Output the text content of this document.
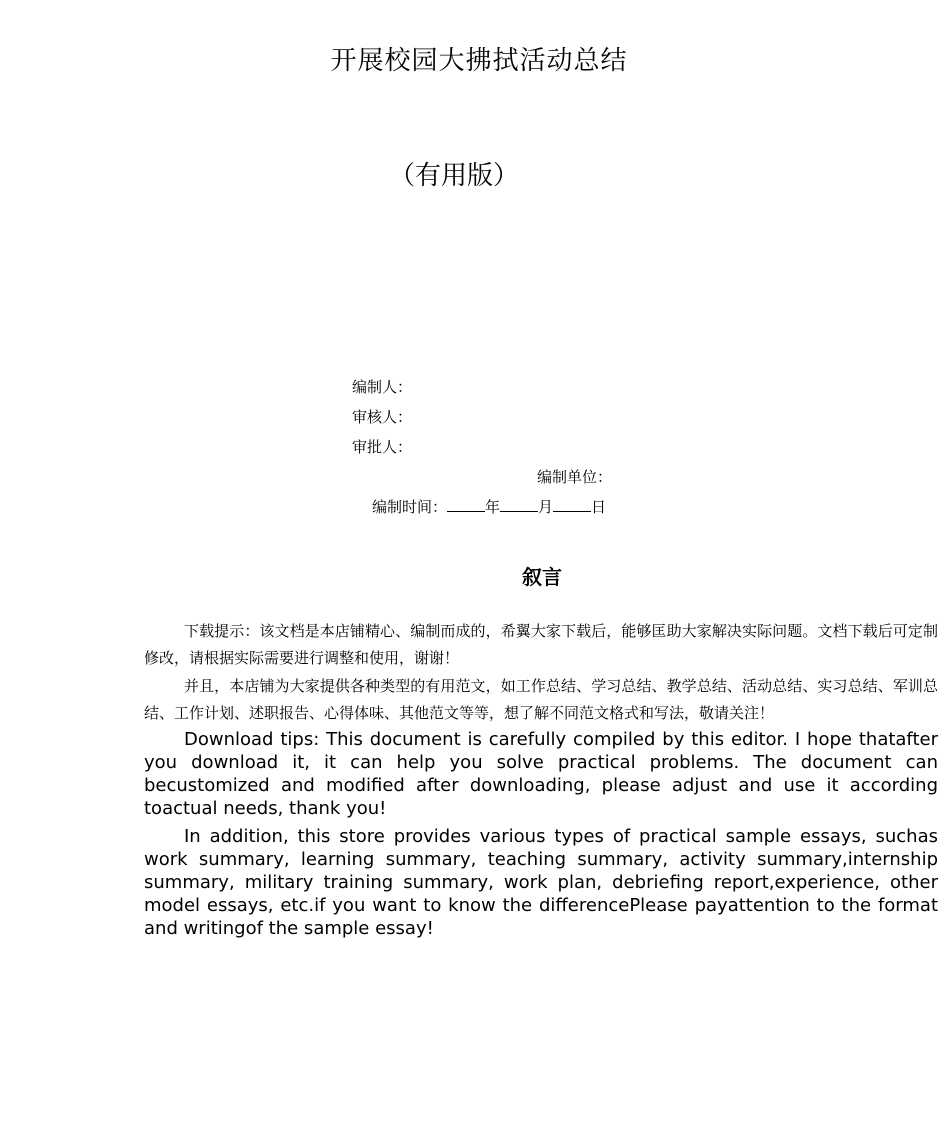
开展校园大拂拭活动总结
（有用版）
编制人：
审核人：
审批人：
编制单位：
编制时间：	年	月	日
叙言

下载提示：该文档是本店铺精心、编制而成的，希翼大家下载后，能够匡助大家解决实际问题。文档下载后可定制修改，请根据实际需要进行调整和使用，谢谢！

并且，本店铺为大家提供各种类型的有用范文，如工作总结、学习总结、教学总结、活动总结、实习总结、军训总结、工作计划、述职报告、心得体味、其他范文等等，想了解不同范文格式和写法，敬请关注！

Download tips: This document is carefully compiled by this editor. I hope thatafter you download it, it can help you solve practical problems. The document can becustomized and modified after downloading, please adjust and use it according toactual needs, thank you!

In addition, this store provides various types of practical sample essays, suchas work summary, learning summary, teaching summary, activity summary,internship summary, military training summary, work plan, debriefing report,experience, other model essays, etc.if you want to know the differencePlease payattention to the format and writingof the sample essay!
